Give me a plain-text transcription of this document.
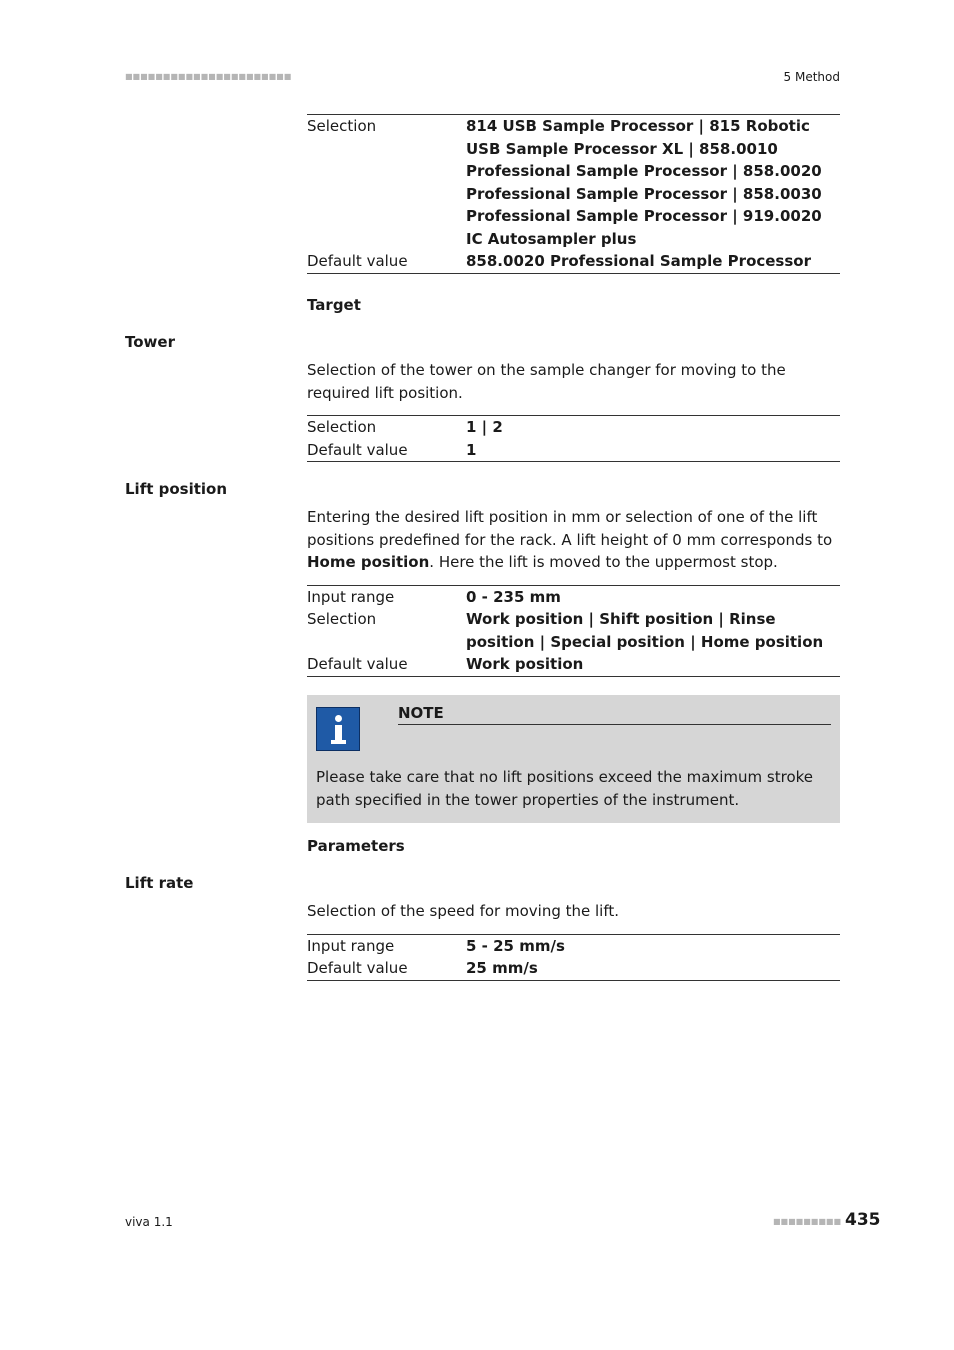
■■■■■■■■■■■■■■■■■■■■■■	5 Method
Selection	814 USB Sample Processor | 815 Robotic USB Sample Processor XL | 858.0010 Professional Sample Processor | 858.0020 Professional Sample Processor | 858.0030 Professional Sample Processor | 919.0020 IC Autosampler plus
Default value	858.0020 Professional Sample Processor
Target
Tower

Selection of the tower on the sample changer for moving to the required lift position.

Selection	1 | 2
Default value	1
Lift position

Entering the desired lift position in mm or selection of one of the lift positions predefined for the rack. A lift height of 0 mm corresponds to Home position. Here the lift is moved to the uppermost stop.

Input range	0 - 235 mm
Selection	Work position | Shift position | Rinse position | Special position | Home position
Default value	Work position
NOTE
Please take care that no lift positions exceed the maximum stroke path specified in the tower properties of the instrument.
Parameters
Lift rate

Selection of the speed for moving the lift.

Input range	5 - 25 mm/s
Default value	25 mm/s
viva 1.1	■■■■■■■■■ 435
